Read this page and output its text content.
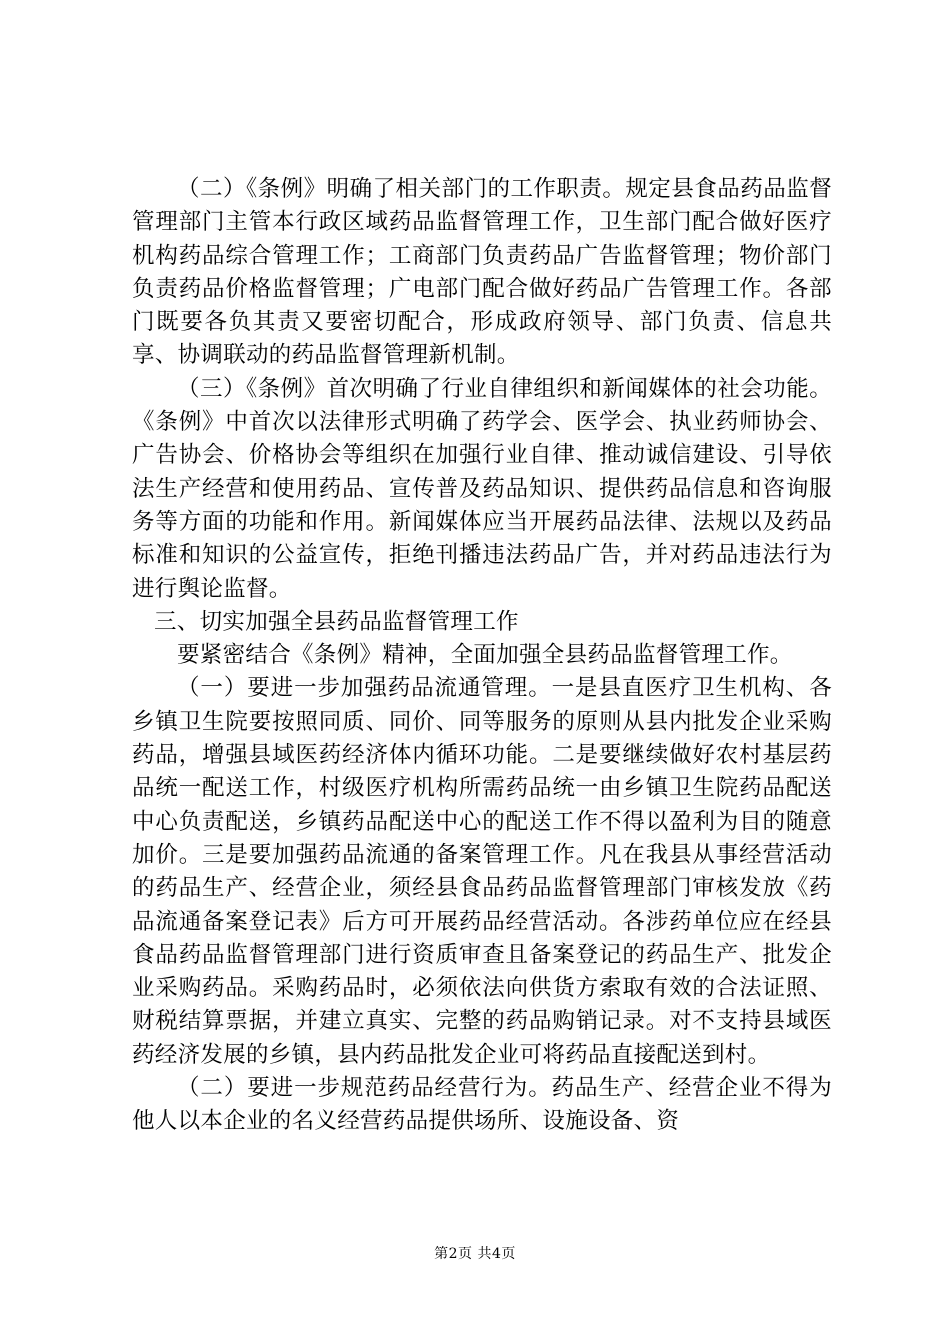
（二）《条例》明确了相关部门的工作职责。规定县食品药品监督管理部门主管本行政区域药品监督管理工作，卫生部门配合做好医疗机构药品综合管理工作；工商部门负责药品广告监督管理；物价部门负责药品价格监督管理；广电部门配合做好药品广告管理工作。各部门既要各负其责又要密切配合，形成政府领导、部门负责、信息共享、协调联动的药品监督管理新机制。

（三）《条例》首次明确了行业自律组织和新闻媒体的社会功能。《条例》中首次以法律形式明确了药学会、医学会、执业药师协会、广告协会、价格协会等组织在加强行业自律、推动诚信建设、引导依法生产经营和使用药品、宣传普及药品知识、提供药品信息和咨询服务等方面的功能和作用。新闻媒体应当开展药品法律、法规以及药品标准和知识的公益宣传，拒绝刊播违法药品广告，并对药品违法行为进行舆论监督。

三、切实加强全县药品监督管理工作

要紧密结合《条例》精神，全面加强全县药品监督管理工作。

（一）要进一步加强药品流通管理。一是县直医疗卫生机构、各乡镇卫生院要按照同质、同价、同等服务的原则从县内批发企业采购药品，增强县域医药经济体内循环功能。二是要继续做好农村基层药品统一配送工作，村级医疗机构所需药品统一由乡镇卫生院药品配送中心负责配送，乡镇药品配送中心的配送工作不得以盈利为目的随意加价。三是要加强药品流通的备案管理工作。凡在我县从事经营活动的药品生产、经营企业，须经县食品药品监督管理部门审核发放《药品流通备案登记表》后方可开展药品经营活动。各涉药单位应在经县食品药品监督管理部门进行资质审查且备案登记的药品生产、批发企业采购药品。采购药品时，必须依法向供货方索取有效的合法证照、财税结算票据，并建立真实、完整的药品购销记录。对不支持县域医药经济发展的乡镇，县内药品批发企业可将药品直接配送到村。

（二）要进一步规范药品经营行为。药品生产、经营企业不得为他人以本企业的名义经营药品提供场所、设施设备、资

第2页 共4页
